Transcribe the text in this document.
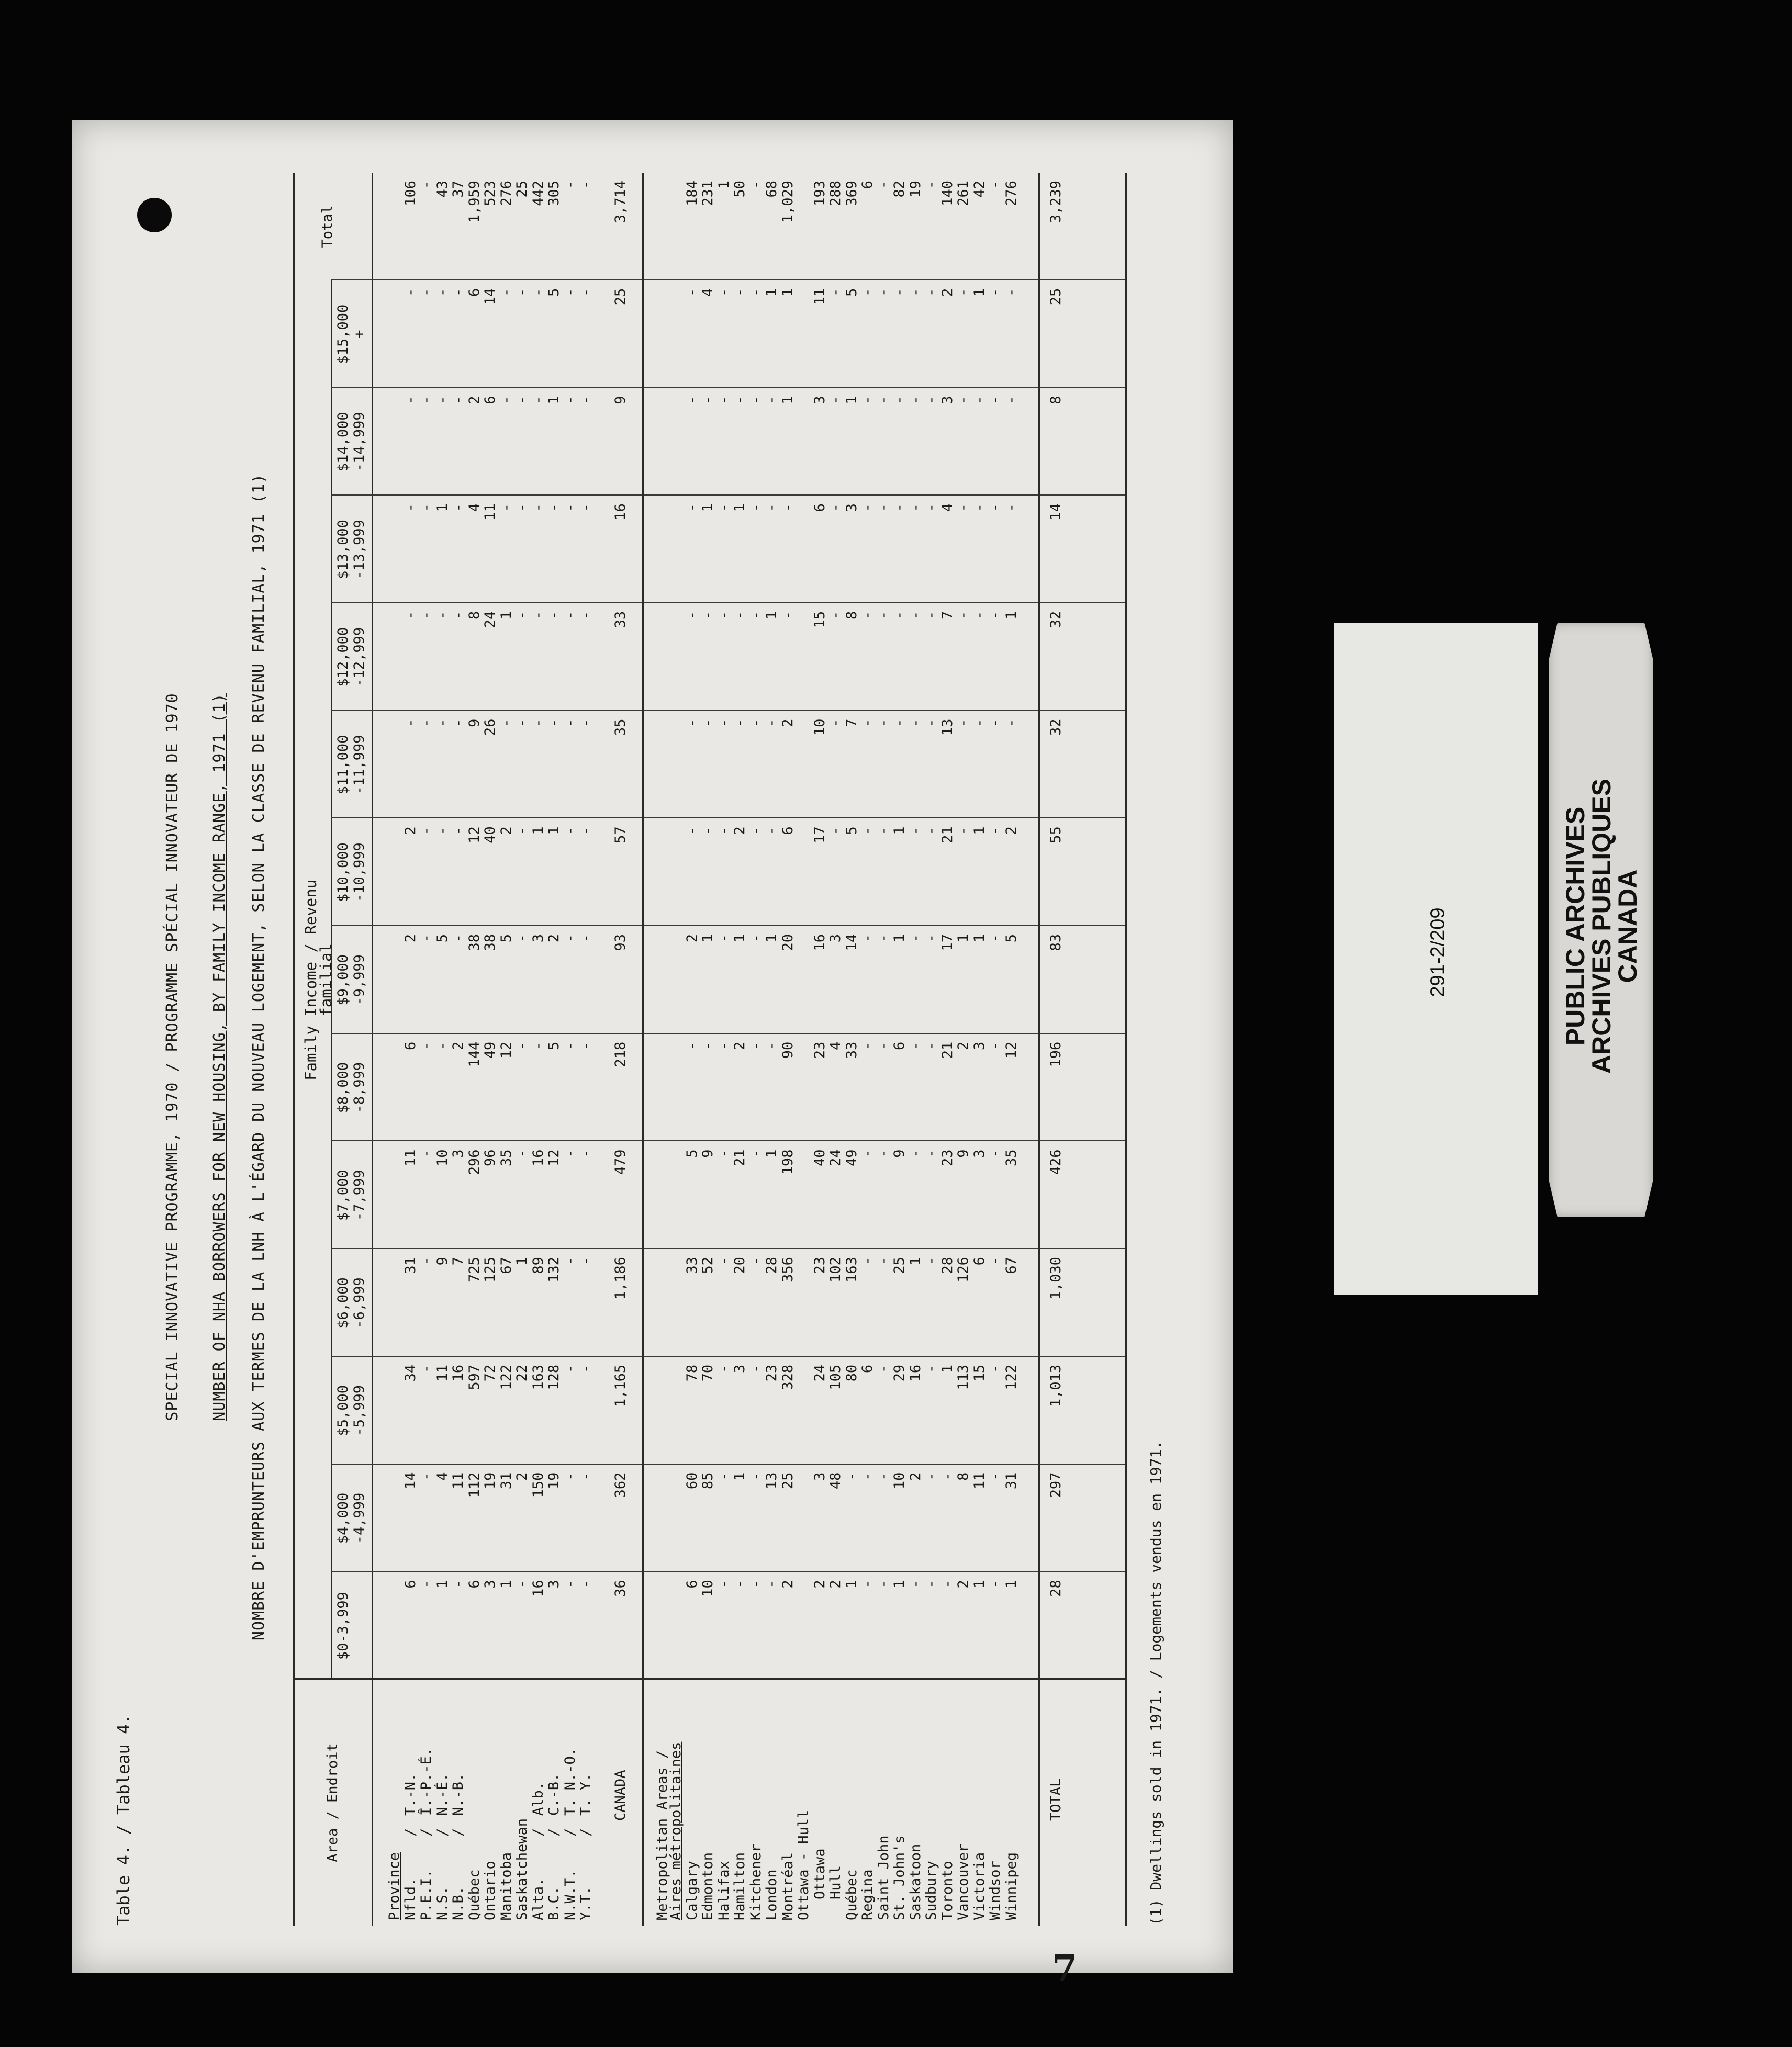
7
Table 4. / Tableau 4.
SPECIAL INNOVATIVE PROGRAMME, 1970 / PROGRAMME SPÉCIAL INNOVATEUR DE 1970 NUMBER OF NHA BORROWERS FOR NEW HOUSING, BY FAMILY INCOME RANGE, 1971 (1) NOMBRE D'EMPRUNTEURS AUX TERMES DE LA LNH À L'ÉGARD DU NOUVEAU LOGEMENT, SELON LA CLASSE DE REVENU FAMILIAL, 1971 (1) Family Income / Revenu familial
Area / Endroit
$0-3,999
$4,000 -4,999
$5,000 -5,999
$6,000 -6,999
$7,000 -7,999
$8,000 -8,999
$9,000 -9,999
$10,000 -10,999
$11,000 -11,999
$12,000 -12,999
$13,000 -13,999
$14,000 -14,999
$15,000 +
Total
Province Nfld.
/
T.-N.
6
14
34
31
11
6
2
2
-
-
-
-
-
106
P.E.I.
/
Î.-P.-É.
-
-
-
-
-
-
-
-
-
-
-
-
-
-
N.S.
/
N.-É.
1
4
11
9
10
-
5
-
-
-
1
-
-
43
N.B.
/
N.-B.
-
11
16
7
3
2
-
-
-
-
-
-
-
37
Québec
6
112
597
725
296
144
38
12
9
8
4
2
6
1,959
Ontario
3
19
72
125
96
49
38
40
26
24
11
6
14
523
Manitoba
1
31
122
67
35
12
5
2
-
1
-
-
-
276
Saskatchewan
-
2
22
1
-
-
-
-
-
-
-
-
-
25
Alta.
/
Alb.
16
150
163
89
16
-
3
1
-
-
-
-
-
442
B.C.
/
C.-B.
3
19
128
132
12
5
2
1
-
-
-
1
5
305
N.W.T.
/
T. N.-O.
-
-
-
-
-
-
-
-
-
-
-
-
-
-
Y.T.
/
T. Y.
-
-
-
-
-
-
-
-
-
-
-
-
-
-
CANADA
36
362
1,165
1,186
479
218
93
57
35
33
16
9
25
3,714
Metropolitan Areas /
Aires métropolitaines Calgary
6
60
78
33
5
-
2
-
-
-
-
-
-
184
Edmonton
10
85
70
52
9
-
1
-
-
-
1
-
4
231
Halifax
-
-
-
-
-
-
-
-
-
-
-
-
-
1
Hamilton
-
1
3
20
21
2
1
2
-
-
1
-
-
50
Kitchener
-
-
-
-
-
-
-
-
-
-
-
-
-
-
London
-
13
23
28
1
-
1
-
-
1
-
-
1
68
Montréal
2
25
328
356
198
90
20
6
2
-
-
1
1
1,029
Ottawa - Hull Ottawa
2
3
24
23
40
23
16
17
10
15
6
3
11
193
Hull
2
48
105
102
24
4
3
-
-
-
-
-
-
288
Québec
1
-
80
163
49
33
14
5
7
8
3
1
5
369
Regina
-
-
6
-
-
-
-
-
-
-
-
-
-
6
Saint John
-
-
-
-
-
-
-
-
-
-
-
-
-
-
St. John's
1
10
29
25
9
6
1
1
-
-
-
-
-
82
Saskatoon
-
2
16
1
-
-
-
-
-
-
-
-
-
19
Sudbury
-
-
-
-
-
-
-
-
-
-
-
-
-
-
Toronto
-
-
1
28
23
21
17
21
13
7
4
3
2
140
Vancouver
2
8
113
126
9
2
1
-
-
-
-
-
-
261
Victoria
1
11
15
6
3
3
1
1
-
-
-
-
1
42
Windsor
-
-
-
-
-
-
-
-
-
-
-
-
-
-
Winnipeg
1
31
122
67
35
12
5
2
-
1
-
-
-
276
TOTAL
28
297
1,013
1,030
426
196
83
55
32
32
14
8
25
3,239
(1) Dwellings sold in 1971. / Logements vendus en 1971.
291-2/209	PUBLIC ARCHIVES
ARCHIVES PUBLIQUES
CANADA
